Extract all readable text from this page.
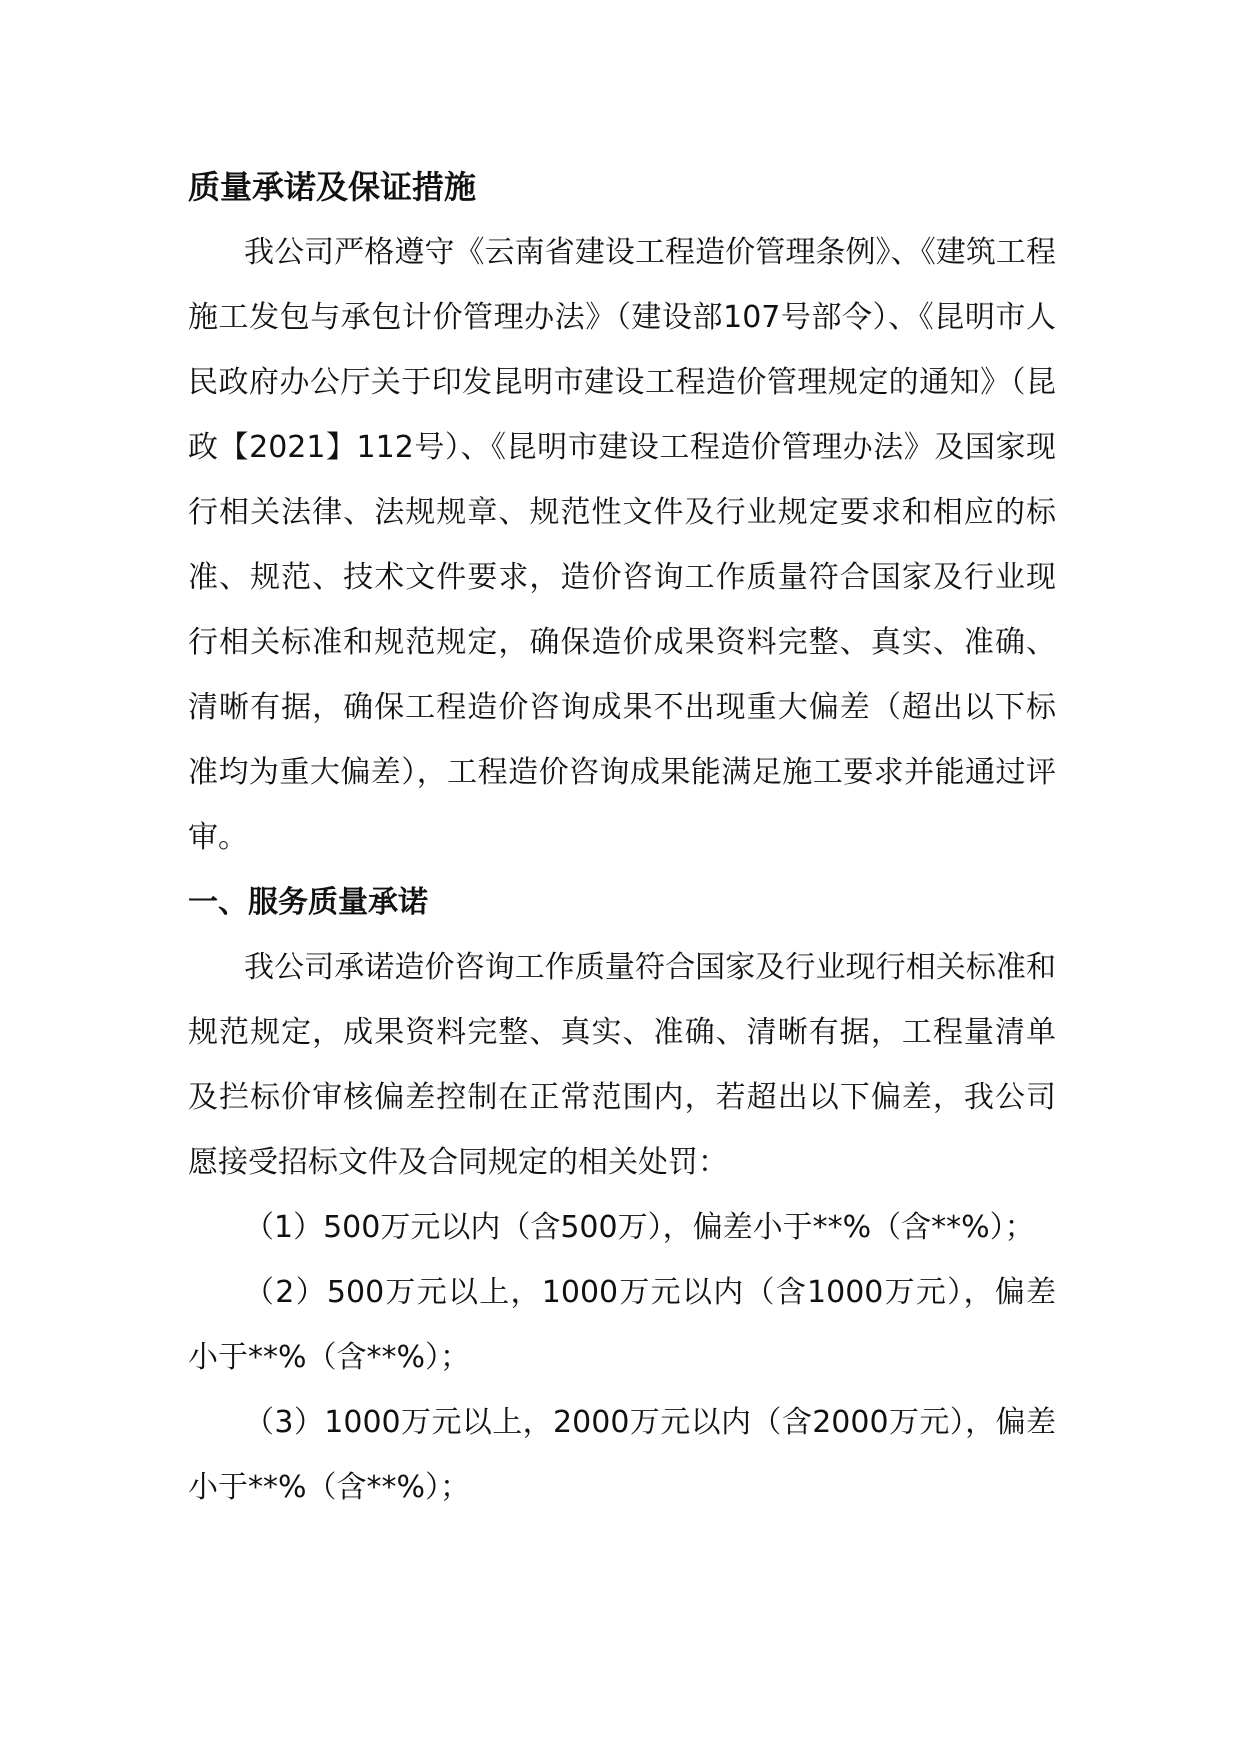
质量承诺及保证措施

我公司严格遵守《云南省建设工程造价管理条例》、《建筑工程施工发包与承包计价管理办法》（建设部107号部令）、《昆明市人民政府办公厅关于印发昆明市建设工程造价管理规定的通知》（昆政【2021】112号）、《昆明市建设工程造价管理办法》及国家现行相关法律、法规规章、规范性文件及行业规定要求和相应的标准、规范、技术文件要求，造价咨询工作质量符合国家及行业现行相关标准和规范规定，确保造价成果资料完整、真实、准确、清晰有据，确保工程造价咨询成果不出现重大偏差（超出以下标准均为重大偏差），工程造价咨询成果能满足施工要求并能通过评审。

一、服务质量承诺

我公司承诺造价咨询工作质量符合国家及行业现行相关标准和规范规定，成果资料完整、真实、准确、清晰有据，工程量清单及拦标价审核偏差控制在正常范围内，若超出以下偏差，我公司愿接受招标文件及合同规定的相关处罚：

（1）500万元以内（含500万），偏差小于**%（含**%）；

（2）500万元以上，1000万元以内（含1000万元），偏差小于**%（含**%）；

（3）1000万元以上，2000万元以内（含2000万元），偏差小于**%（含**%）；
